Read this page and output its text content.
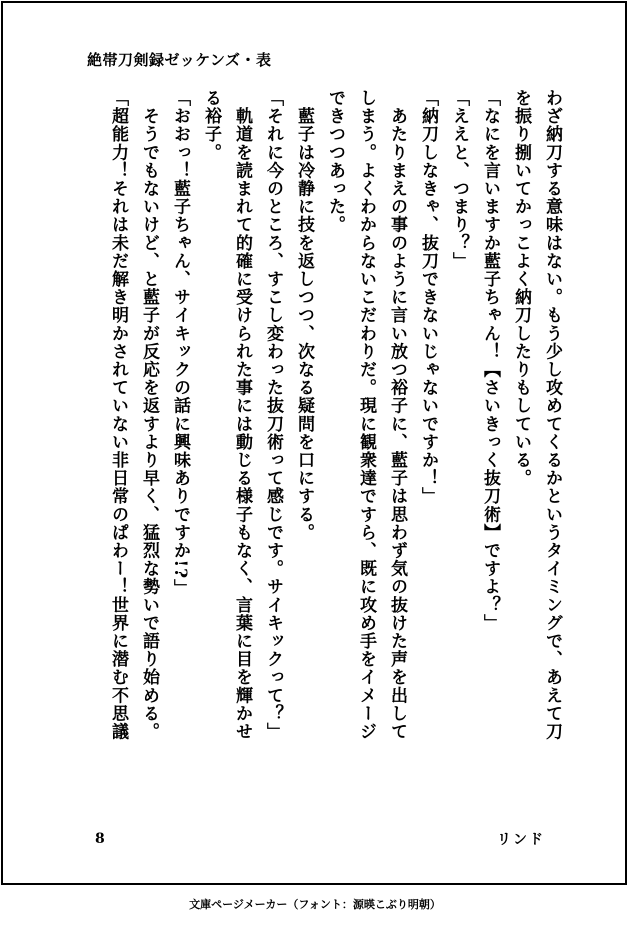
絶帯刀剣録ゼッケンズ・表
わざ納刀する意味はない。もう少し攻めてくるかというタイミングで、あえて刀
を振り捌いてかっこよく納刀したりもしている。
「なにを言いますか藍子ちゃん！【さいきっく抜刀術】ですよ？」
「ええと、つまり？」
「納刀しなきゃ、抜刀できないじゃないですか！」
　あたりまえの事のように言い放つ裕子に、藍子は思わず気の抜けた声を出して
しまう。よくわからないこだわりだ。現に観衆達ですら、既に攻め手をイメージ
できつつあった。
　藍子は冷静に技を返しつつ、次なる疑問を口にする。
「それに今のところ、すこし変わった抜刀術って感じです。サイキックって？」
　軌道を読まれて的確に受けられた事には動じる様子もなく、言葉に目を輝かせ
る裕子。
「おおっ！藍子ちゃん、サイキックの話に興味ありですか!?」
　そうでもないけど、と藍子が反応を返すより早く、猛烈な勢いで語り始める。
「超能力！それは未だ解き明かされていない非日常のぱわー！世界に潜む不思議
8	リンド
文庫ページメーカー（フォント：源暎こぶり明朝）
